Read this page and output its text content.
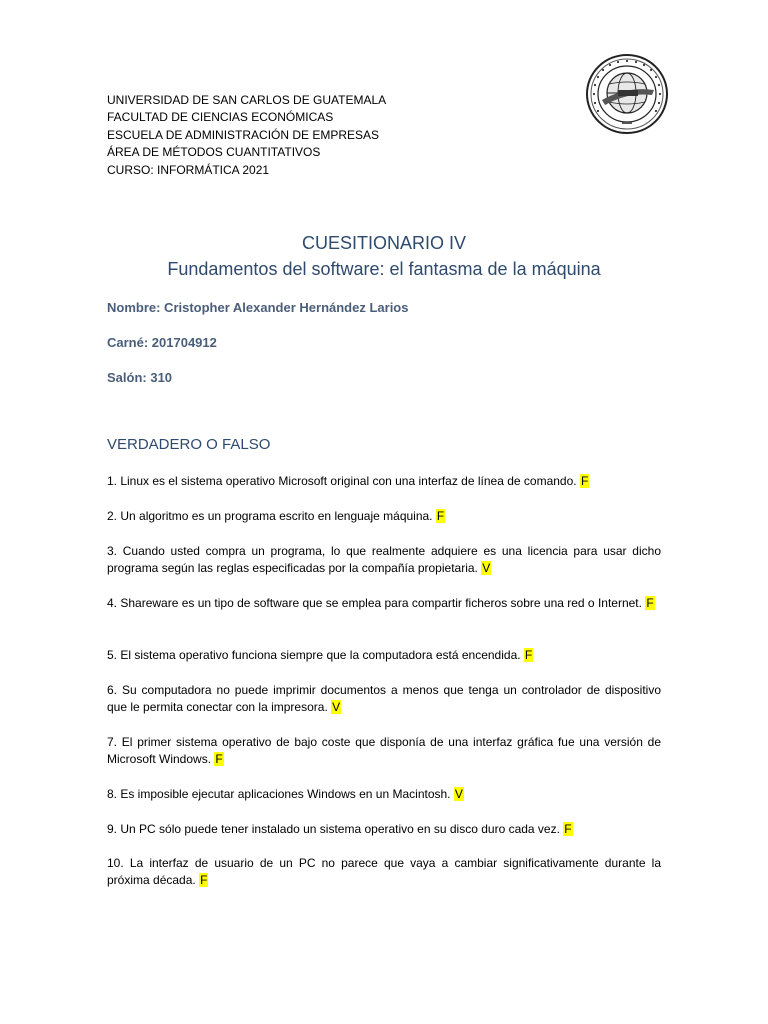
UNIVERSIDAD DE SAN CARLOS DE GUATEMALA
FACULTAD DE CIENCIAS ECONÓMICAS
ESCUELA DE ADMINISTRACIÓN DE EMPRESAS
ÁREA DE MÉTODOS CUANTITATIVOS
CURSO: INFORMÁTICA 2021
CUESITIONARIO IV
Fundamentos del software: el fantasma de la máquina
Nombre: Cristopher Alexander Hernández Larios
Carné: 201704912
Salón: 310
VERDADERO O FALSO
1. Linux es el sistema operativo Microsoft original con una interfaz de línea de comando. F
2. Un algoritmo es un programa escrito en lenguaje máquina. F
3. Cuando usted compra un programa, lo que realmente adquiere es una licencia para usar dicho programa según las reglas especificadas por la compañía propietaria. V
4. Shareware es un tipo de software que se emplea para compartir ficheros sobre una red o Internet. F
5. El sistema operativo funciona siempre que la computadora está encendida. F
6. Su computadora no puede imprimir documentos a menos que tenga un controlador de dispositivo que le permita conectar con la impresora. V
7. El primer sistema operativo de bajo coste que disponía de una interfaz gráfica fue una versión de Microsoft Windows. F
8. Es imposible ejecutar aplicaciones Windows en un Macintosh. V
9. Un PC sólo puede tener instalado un sistema operativo en su disco duro cada vez. F
10. La interfaz de usuario de un PC no parece que vaya a cambiar significativamente durante la próxima década. F
